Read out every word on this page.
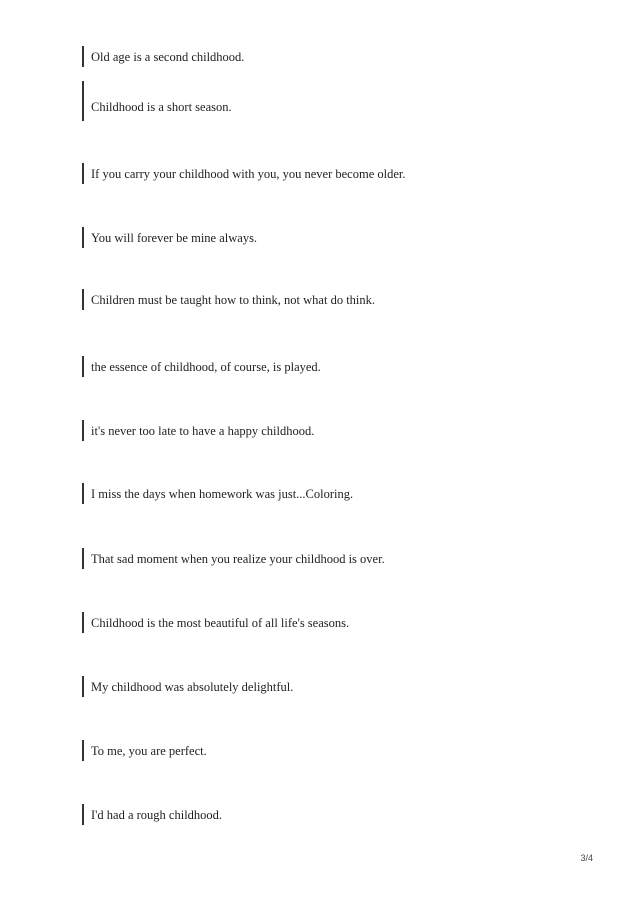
Old age is a second childhood.
Childhood is a short season.
If you carry your childhood with you, you never become older.
You will forever be mine always.
Children must be taught how to think, not what do think.
the essence of childhood, of course, is played.
it's never too late to have a happy childhood.
I miss the days when homework was just...Coloring.
That sad moment when you realize your childhood is over.
Childhood is the most beautiful of all life's seasons.
My childhood was absolutely delightful.
To me, you are perfect.
I'd had a rough childhood.
3/4
